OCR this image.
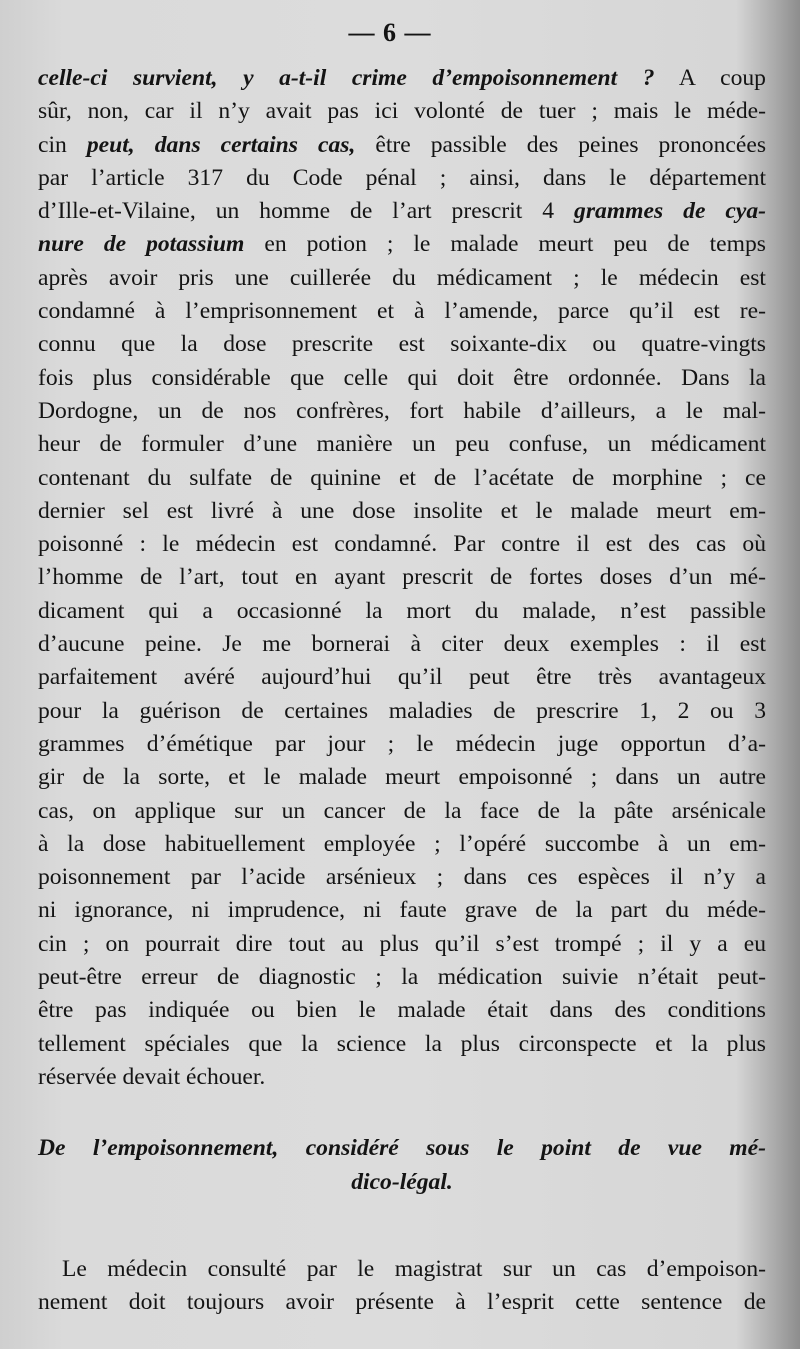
— 6 —
celle-ci survient, y a-t-il crime d’empoisonnement ? A coup
sûr, non, car il n’y avait pas ici volonté de tuer ; mais le méde-
cin peut, dans certains cas, être passible des peines prononcées
par l’article 317 du Code pénal ; ainsi, dans le département
d’Ille-et-Vilaine, un homme de l’art prescrit 4 grammes de cya-
nure de potassium en potion ; le malade meurt peu de temps
après avoir pris une cuillerée du médicament ; le médecin est
condamné à l’emprisonnement et à l’amende, parce qu’il est re-
connu que la dose prescrite est soixante-dix ou quatre-vingts
fois plus considérable que celle qui doit être ordonnée. Dans la
Dordogne, un de nos confrères, fort habile d’ailleurs, a le mal-
heur de formuler d’une manière un peu confuse, un médicament
contenant du sulfate de quinine et de l’acétate de morphine ; ce
dernier sel est livré à une dose insolite et le malade meurt em-
poisonné : le médecin est condamné. Par contre il est des cas où
l’homme de l’art, tout en ayant prescrit de fortes doses d’un mé-
dicament qui a occasionné la mort du malade, n’est passible
d’aucune peine. Je me bornerai à citer deux exemples : il est
parfaitement avéré aujourd’hui qu’il peut être très avantageux
pour la guérison de certaines maladies de prescrire 1, 2 ou 3
grammes d’émétique par jour ; le médecin juge opportun d’a-
gir de la sorte, et le malade meurt empoisonné ; dans un autre
cas, on applique sur un cancer de la face de la pâte arsénicale
à la dose habituellement employée ; l’opéré succombe à un em-
poisonnement par l’acide arsénieux ; dans ces espèces il n’y a
ni ignorance, ni imprudence, ni faute grave de la part du méde-
cin ; on pourrait dire tout au plus qu’il s’est trompé ; il y a eu
peut-être erreur de diagnostic ; la médication suivie n’était peut-
être pas indiquée ou bien le malade était dans des conditions
tellement spéciales que la science la plus circonspecte et la plus
réservée devait échouer.
De l’empoisonnement, considéré sous le point de vue mé-
dico-légal.
Le médecin consulté par le magistrat sur un cas d’empoison-
nement doit toujours avoir présente à l’esprit cette sentence de
